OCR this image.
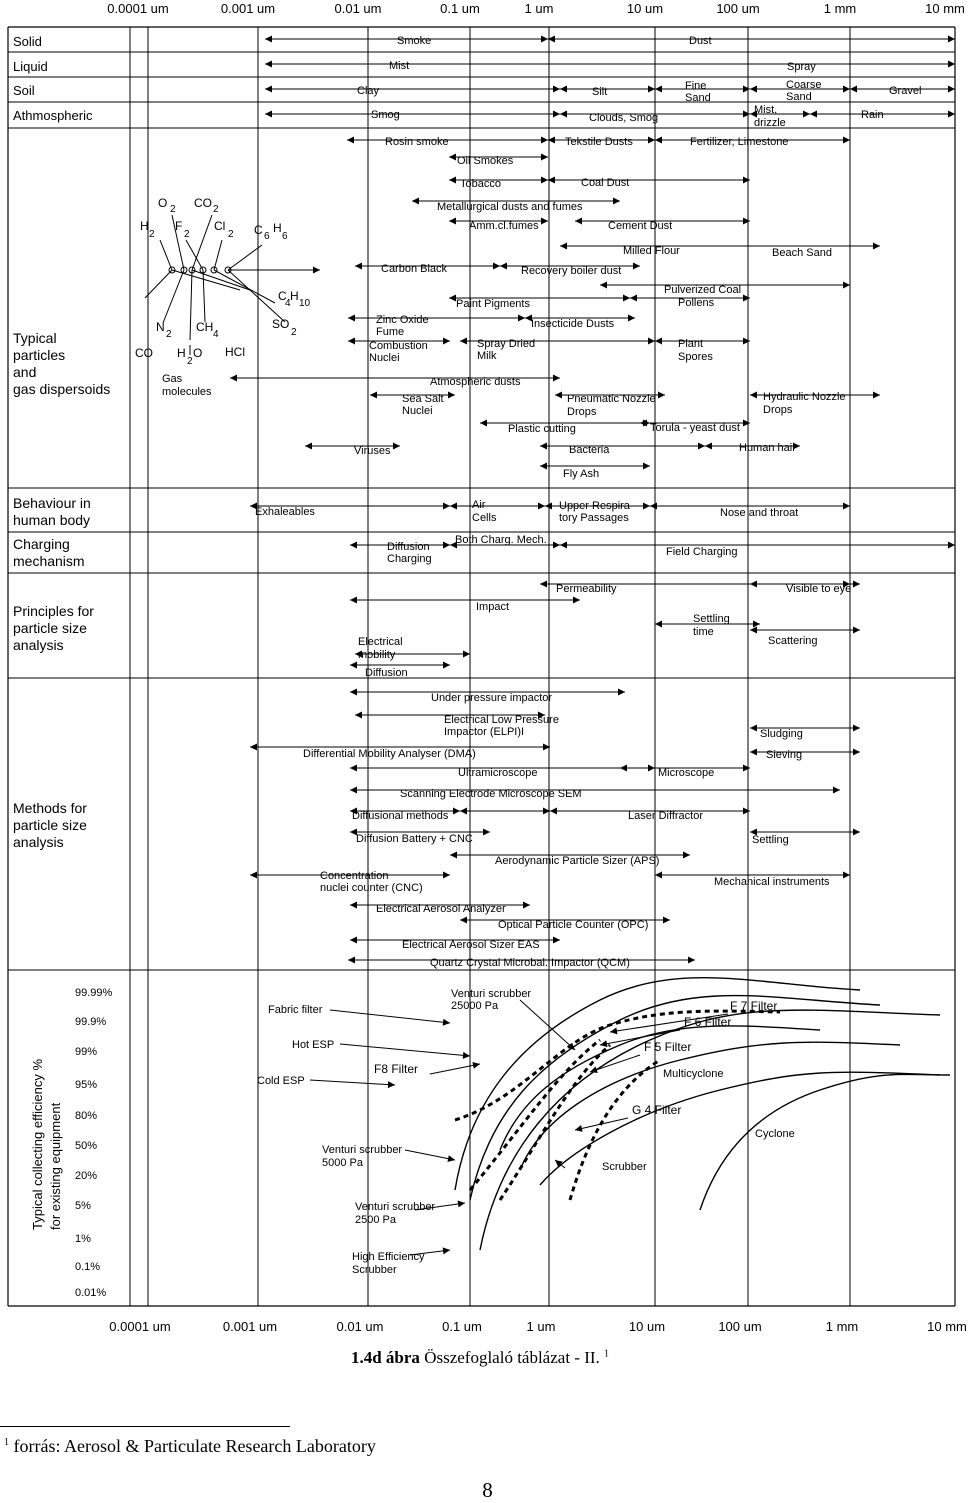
0.0001 um	0.001 um	0.01 um	0.1 um	1 um	10 um	100 um	1 mm	10 mm
0.0001 um	0.001 um	0.01 um	0.1 um	1 um	10 um	100 um	1 mm	10 mm
Solid
Liquid
Soil
Athmospheric
Typical
particles
and
gas dispersoids
Behaviour in
human body
Charging
mechanism
Principles for
particle size
analysis
Methods for
particle size
analysis
Typical collecting efficiency % for existing equipment
Smoke	Dust
Mist	Spray
Clay	Silt	Fine
Sand
Coarse
Sand	Gravel
Smog	Clouds, Smog
Mist,
drizzle
Rain
O 2 CO 2
H
2
F
2
Cl
2 C 6
H
6
C
4
H
10
N
2
CH
4
SO
2
CO H
2
O HCl
Gas
molecules
Rosin smoke	Tekstile Dusts	Fertilizer, Limestone
Oil Smokes
Tobacco	Coal Dust
Metallurgical dusts and fumes
Amm.cl.fumes	Cement Dust
Milled Flour	Beach Sand
Carbon Black	Recovery boiler dust
Pulverized Coal
Pollens
Paint Pigments
Zinc Oxide
Fume
Insecticide Dusts
Combustion
Nuclei
Spray Dried
Milk
Plant
Spores
Atmospheric dusts
Sea Salt
Nuclei
Pneumatic Nozzle
Drops
Hydraulic Nozzle
Drops
Plastic cutting	Torula - yeast dust
Viruses	Bacteria	Human hair
Fly Ash
Exhaleables
Air
Cells
Upper Respira-
tory Passages	Nose and throat
Diffusion
Charging
Both Charg. Mech.
Field Charging
Permeability	Visible to eye
Impact
Settling
time
Scattering
Electrical
mobility
Diffusion
Under pressure impactor
Electrical Low Pressure
Impactor (ELPI)I	Sludging
Differential Mobility Analyser (DMA)	Sieving
Ultramicroscope	Microscope
Scanning Electrode Microscope SEM
Diffusional methods	Laser Diffractor
Diffusion Battery + CNC	Settling
Aerodynamic Particle Sizer (APS)
Concentration
nuclei counter (CNC)	Mechanical instruments
Electrical Aerosol Analyzer
Optical Particle Counter (OPC)
Electrical Aerosol Sizer EAS
Quartz Crystal Microbal. Impactor (QCM)
99.99%
99.9%
99%
95%
80%
50%
20%
5%
1%
0.1%
0.01%
Fabric filter
Venturi scrubber
25000 Pa	F 7 Filter
F 6 Filter
Hot ESP	F 5 Filter
F8 Filter
Cold ESP
Multicyclone
G 4 Filter
Cyclone
Venturi scrubber
5000 Pa	Scrubber
Venturi scrubber
2500 Pa
High Efficiency
Scrubber
1.4d ábra Összefoglaló táblázat - II. $^1$
$^1$ forrás: Aerosol & Particulate Research Laboratory
8
